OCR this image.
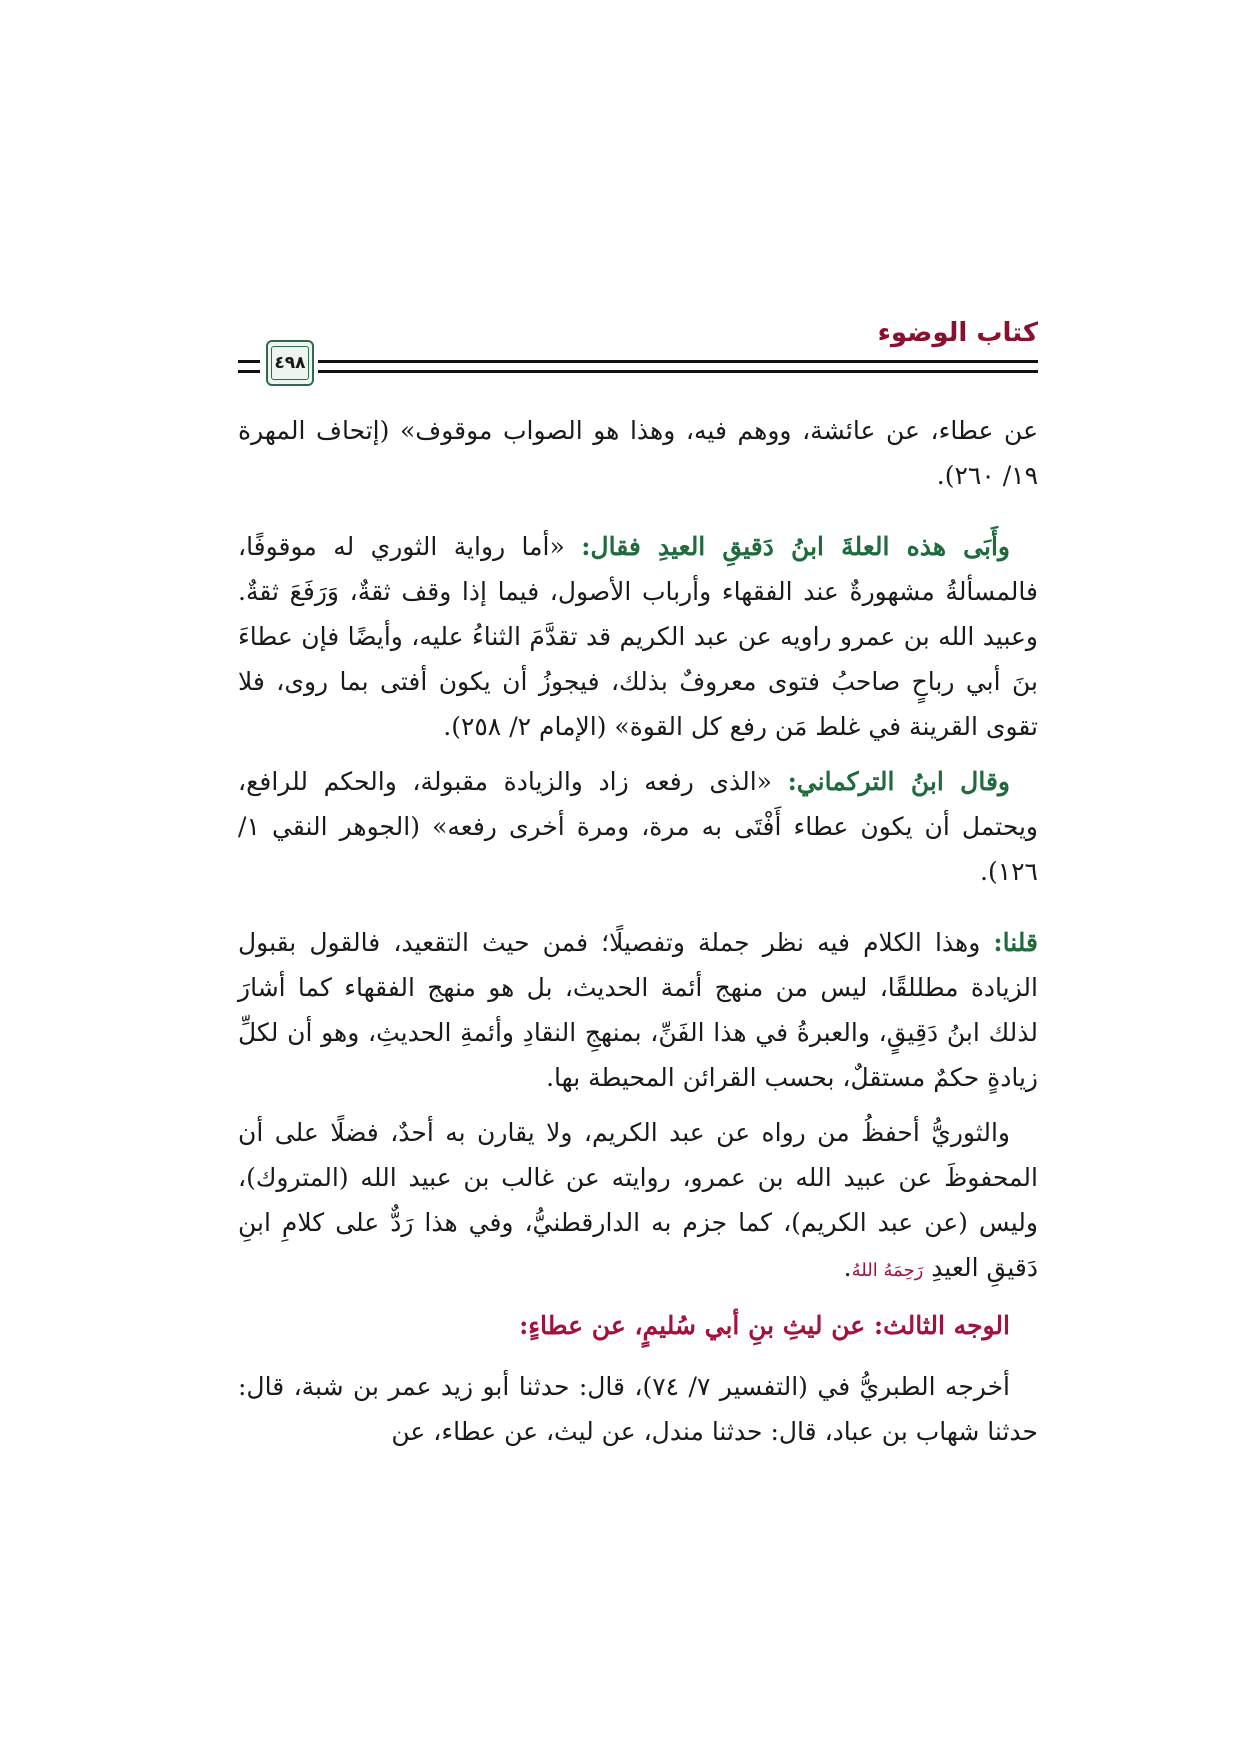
كتاب الوضوء
٤٩٨

عن عطاء، عن عائشة، ووهم فيه، وهذا هو الصواب موقوف» (إتحاف المهرة ١٩/ ٢٦٠).

وأَبَى هذه العلةَ ابنُ دَقيقِ العيدِ فقال: «أما رواية الثوري له موقوفًا، فالمسألةُ مشهورةٌ عند الفقهاء وأرباب الأصول، فيما إذا وقف ثقةٌ، وَرَفَعَ ثقةٌ. وعبيد الله بن عمرو راويه عن عبد الكريم قد تقدَّمَ الثناءُ عليه، وأيضًا فإن عطاءَ بنَ أبي رباحٍ صاحبُ فتوى معروفٌ بذلك، فيجوزُ أن يكون أفتى بما روى، فلا تقوى القرينة في غلط مَن رفع كل القوة» (الإمام ٢/ ٢٥٨).

وقال ابنُ التركماني: «الذى رفعه زاد والزيادة مقبولة، والحكم للرافع، ويحتمل أن يكون عطاء أَفْتَى به مرة، ومرة أخرى رفعه» (الجوهر النقي ١/ ١٢٦).

قلنا: وهذا الكلام فيه نظر جملة وتفصيلًا؛ فمن حيث التقعيد، فالقول بقبول الزيادة مطللقًا، ليس من منهج أئمة الحديث، بل هو منهج الفقهاء كما أشارَ لذلك ابنُ دَقِيقٍ، والعبرةُ في هذا الفَنِّ، بمنهجِ النقادِ وأئمةِ الحديثِ، وهو أن لكلِّ زيادةٍ حكمٌ مستقلٌ، بحسب القرائن المحيطة بها.

والثوريُّ أحفظُ من رواه عن عبد الكريم، ولا يقارن به أحدٌ، فضلًا على أن المحفوظَ عن عبيد الله بن عمرو، روايته عن غالب بن عبيد الله (المتروك)، وليس (عن عبد الكريم)، كما جزم به الدارقطنيُّ، وفي هذا رَدٌّ على كلامِ ابنِ دَقيقِ العيدِ رَحِمَهُ اللهُ.

الوجه الثالث: عن ليثِ بنِ أبي سُليمٍ، عن عطاءٍ:

أخرجه الطبريُّ في (التفسير ٧/ ٧٤)، قال: حدثنا أبو زيد عمر بن شبة، قال: حدثنا شهاب بن عباد، قال: حدثنا مندل، عن ليث، عن عطاء، عن
